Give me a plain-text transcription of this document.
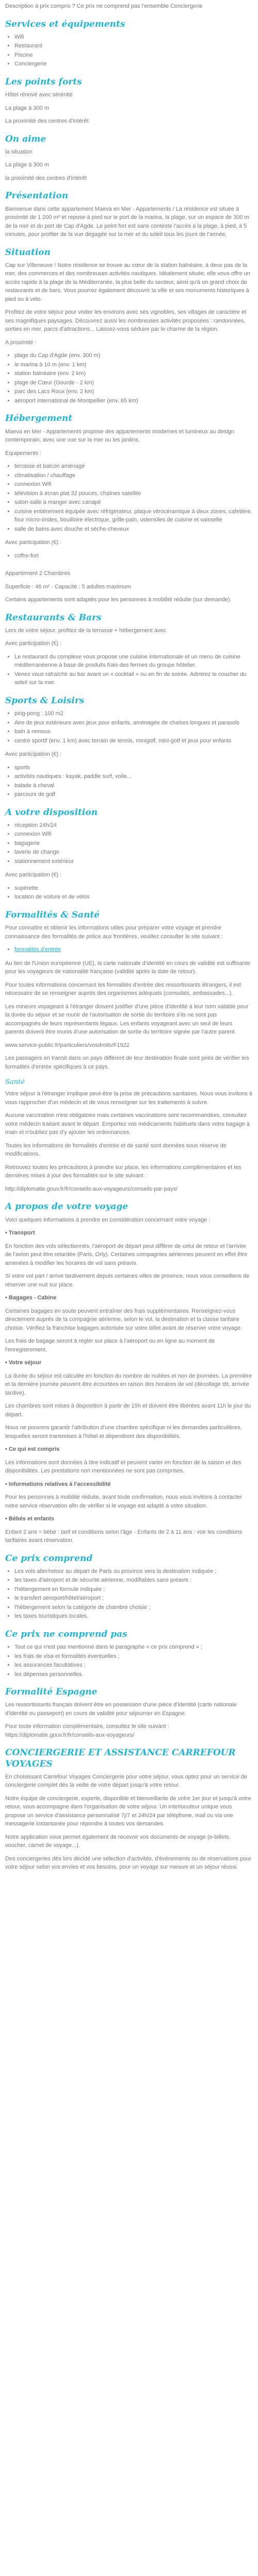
Description à prix compris ? Ce prix ne comprend pas l'ensemble Conciergerie

Services et équipements
• Wifi
• Restaurant
• Piscine
• Conciergerie
Les points forts

Hôtel rénové avec sérénité

La plage à 300 m

La proximité des centres d'intérêt

On aime

la situation

La plage à 300 m

la proximité des centres d'intérêt

Présentation

Bienvenue dans cette appartement Maeva en Mer - Appartements / La résidence est située à proximité de 1 200 m² et repose à pied sur le port de la marina, la plage, sur un espace de 300 m de la mer et du port de Cap d'Agde. Le point fort est sans conteste l'accès à la plage, à pied, à 5 minutes, pour profiter de la vue dégagée sur la mer et du soleil tous les jours de l'année.

Situation

Cap sur Villeneuve ! Notre résidence se trouve au cœur de la station balnéaire, à deux pas de la mer, des commerces et des nombreuses activités nautiques. Idéalement située, elle vous offre un accès rapide à la plage de la Méditerranée, la plus belle du secteur, ainsi qu'à un grand choix de restaurants et de bars. Vous pourrez également découvrir la ville et ses monuments historiques à pied ou à vélo.

Profitez de votre séjour pour visiter les environs avec ses vignobles, ses villages de caractère et ses magnifiques paysages. Découvrez aussi les nombreuses activités proposées : randonnées, sorties en mer, parcs d'attractions... Laissez-vous séduire par le charme de la région.

A proximité :

• plage du Cap d'Agde (env. 300 m)
• le marina à 10 m (env. 1 km)
• station balnéaire (env. 2 km)
• plage de Cœur (Gourde - 2 km)
• parc des Lacs Roux (env. 2 km)
• aéroport international de Montpellier (env. 65 km)
Hébergement

Maeva en Mer - Appartements propose des appartements modernes et lumineux au design contemporain, avec une vue sur la mer ou les jardins.

Equipements :

• terrasse et balcon aménagé
• climatisation / chauffage
• connexion Wifi
• télévision à écran plat 32 pouces, chaînes satellite
• salon-salle à manger avec canapé
• cuisine entièrement équipée avec réfrigérateur, plaque vitrocéramique à deux zones, cafetière, four micro-ondes, bouilloire électrique, grille-pain, ustensiles de cuisine et vaisselle
• salle de bains avec douche et sèche-cheveux

Avec participation (€) :

• coffre-fort

Appartement 2 Chambres

Superficie : 46 m² - Capacité : 5 adultes maximum

Certains appartements sont adaptés pour les personnes à mobilité réduite (sur demande).

Restaurants & Bars

Lors de votre séjour, profitez de la terrasse + hébergement avec

Avec participation (€) :

• Le restaurant du complexe vous propose une cuisine internationale et un menu de cuisine méditerranéenne à base de produits frais des fermes du groupe hôtelier.
• Venez vous rafraîchir au bar avant un « cocktail » ou en fin de soirée. Admirez le coucher du soleil sur la mer.
Sports & Loisirs
• ping-pong : 100 m2
• Aire de jeux extérieure avec jeux pour enfants, aménagée de chaises longues et parasols
• bain à remous
• centre sportif (env. 1 km) avec terrain de tennis, minigolf, mini-golf et jeux pour enfants

Avec participation (€) :

• sports
• activités nautiques : kayak, paddle surf, voile...
• balade à cheval
• parcours de golf
A votre disposition
• réception 24h/24
• connexion Wifi
• bagagerie
• laverie de change
• stationnement extérieur

Avec participation (€) :

• supérette
• location de voiture et de vélos
Formalités & Santé

Pour connaître et obtenir les informations utiles pour préparer votre voyage et prendre connaissance des formalités de police aux frontières, veuillez consulter le site suivant :

• formalités d'entrée

Au lien de l'Union européenne (UE), la carte nationale d'identité en cours de validité est suffisante pour les voyageurs de nationalité française (validité après la date de retour).

Pour toutes informations concernant les formalités d'entrée des ressortissants étrangers, il est nécessaire de se renseigner auprès des organismes adéquats (consulats, ambassades...).

Les mineurs voyageant à l'étranger doivent justifier d'une pièce d'identité à leur nom valable pour la durée du séjour et se munir de l'autorisation de sortie du territoire s'ils ne sont pas accompagnés de leurs représentants légaux. Les enfants voyageant avec un seul de leurs parents doivent être munis d'une autorisation de sortie du territoire signée par l'autre parent.

www.service-public.fr/particuliers/vosdroits/F1922

Les passagers en transit dans un pays différent de leur destination finale sont priés de vérifier les formalités d'entrée spécifiques à ce pays.

Santé

Votre séjour à l'étranger implique peut-être la prise de précautions sanitaires. Nous vous invitons à vous rapprocher d'un médecin et de vous renseigner sur les traitements à suivre.

Aucune vaccination n'est obligatoire mais certaines vaccinations sont recommandées, consultez votre médecin traitant avant le départ. Emportez vos médicaments habituels dans votre bagage à main et n'oubliez pas d'y ajouter les ordonnances.

Toutes les informations de formalités d'entrée et de santé sont données sous réserve de modifications.

Retrouvez toutes les précautions à prendre sur place, les informations complémentaires et les dernières mises à jour des formalités sur le site suivant :

http://diplomatie.gouv.fr/fr/conseils-aux-voyageurs/conseils-par-pays/

A propos de votre voyage

Voici quelques informations à prendre en considération concernant votre voyage :

• Transport

En fonction des vols sélectionnés, l'aéroport de départ peut différer de celui de retour et l'arrivée de l'avion peut être retardée (Paris, Orly). Certaines compagnies aériennes peuvent en effet être amenées à modifier les horaires de vol sans préavis.

Si votre vol part / arrive tardivement depuis certaines villes de province, nous vous conseillons de réserver une nuit sur place.

• Bagages - Cabine

Certaines bagages en soute peuvent entraîner des frais supplémentaires. Renseignez-vous directement auprès de la compagnie aérienne, selon le vol, la destination et la classe tarifaire choisie. Vérifiez la franchise bagages autorisée sur votre billet avant de réserver votre voyage.

Les frais de bagage seront à régler sur place à l'aéroport ou en ligne au moment de l'enregistrement.

• Votre séjour

La durée du séjour est calculée en fonction du nombre de nuitées et non de journées. La première et la dernière journée peuvent être écourtées en raison des horaires de vol (décollage tôt, arrivée tardive).

Les chambres sont mises à disposition à partir de 15h et doivent être libérées avant 11h le jour du départ.

Nous ne pouvons garantir l'attribution d'une chambre spécifique ni les demandes particulières, lesquelles seront transmises à l'hôtel et dépendront des disponibilités.

• Ce qui est compris

Les informations sont données à titre indicatif et peuvent varier en fonction de la saison et des disponibilités. Les prestations non mentionnées ne sont pas comprises.

• Informations relatives à l'accessibilité

Pour les personnes à mobilité réduite, avant toute confirmation, nous vous invitons à contacter notre service réservation afin de vérifier si le voyage est adapté à votre situation.

• Bébés et enfants

Enfant 2 ans = bébé : tarif et conditions selon l'âge - Enfants de 2 à 11 ans : voir les conditions tarifaires avant réservation.

Ce prix comprend
• Les vols aller/retour au départ de Paris ou province vers la destination indiquée ;
• les taxes d'aéroport et de sécurité aérienne, modifiables sans préavis ;
• l'hébergement en formule indiquée ;
• le transfert aéroport/hôtel/aéroport ;
• l'hébergement selon la catégorie de chambre choisie ;
• les taxes touristiques locales.
Ce prix ne comprend pas
• Tout ce qui n'est pas mentionné dans le paragraphe « ce prix comprend » ;
• les frais de visa et formalités éventuelles ;
• les assurances facultatives ;
• les dépenses personnelles.
Formalité Espagne

Les ressortissants français doivent être en possession d'une pièce d'identité (carte nationale d'identité ou passeport) en cours de validité pour séjourner en Espagne.

Pour toute information complémentaire, consultez le site suivant : https://diplomatie.gouv.fr/fr/conseils-aux-voyageurs/

CONCIERGERIE ET ASSISTANCE CARREFOUR VOYAGES

En choisissant Carrefour Voyages Conciergerie pour votre séjour, vous optez pour un service de conciergerie complet dès la veille de votre départ jusqu'à votre retour.

Notre équipe de conciergerie, experte, disponible et bienveillante de votre 1er jour et jusqu'à votre retour, vous accompagne dans l'organisation de votre séjour. Un interlocuteur unique vous propose un service d'assistance personnalisé 7j/7 et 24h/24 par téléphone, mail ou via une messagerie instantanée pour répondre à toutes vos demandes.

Notre application vous permet également de recevoir vos documents de voyage (e-billets, voucher, carnet de voyage...).

Des conciergeries dès lors décidé une sélection d'activités, d'événements ou de réservations pour votre séjour selon vos envies et vos besoins, pour un voyage sur mesure et un séjour réussi.
